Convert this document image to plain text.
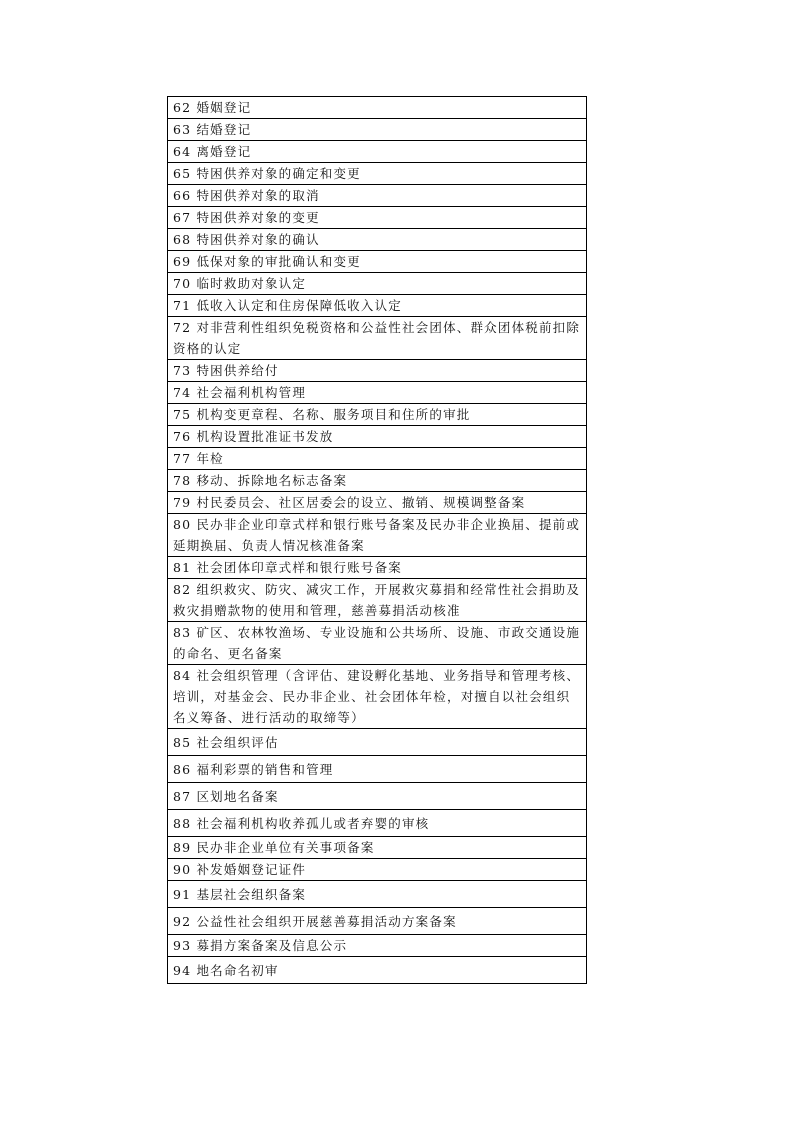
62 婚姻登记
63 结婚登记
64 离婚登记
65 特困供养对象的确定和变更
66 特困供养对象的取消
67 特困供养对象的变更
68 特困供养对象的确认
69 低保对象的审批确认和变更
70 临时救助对象认定
71 低收入认定和住房保障低收入认定
72 对非营利性组织免税资格和公益性社会团体、群众团体税前扣除资格的认定
73 特困供养给付
74 社会福利机构管理
75 机构变更章程、名称、服务项目和住所的审批
76 机构设置批准证书发放
77 年检
78 移动、拆除地名标志备案
79 村民委员会、社区居委会的设立、撤销、规模调整备案
80 民办非企业印章式样和银行账号备案及民办非企业换届、提前或延期换届、负责人情况核准备案
81 社会团体印章式样和银行账号备案
82 组织救灾、防灾、减灾工作，开展救灾募捐和经常性社会捐助及救灾捐赠款物的使用和管理，慈善募捐活动核准
83 矿区、农林牧渔场、专业设施和公共场所、设施、市政交通设施的命名、更名备案
84 社会组织管理（含评估、建设孵化基地、业务指导和管理考核、培训，对基金会、民办非企业、社会团体年检，对擅自以社会组织名义筹备、进行活动的取缔等）
85 社会组织评估
86 福利彩票的销售和管理
87 区划地名备案
88 社会福利机构收养孤儿或者弃婴的审核
89 民办非企业单位有关事项备案
90 补发婚姻登记证件
91 基层社会组织备案
92 公益性社会组织开展慈善募捐活动方案备案
93 募捐方案备案及信息公示
94 地名命名初审
